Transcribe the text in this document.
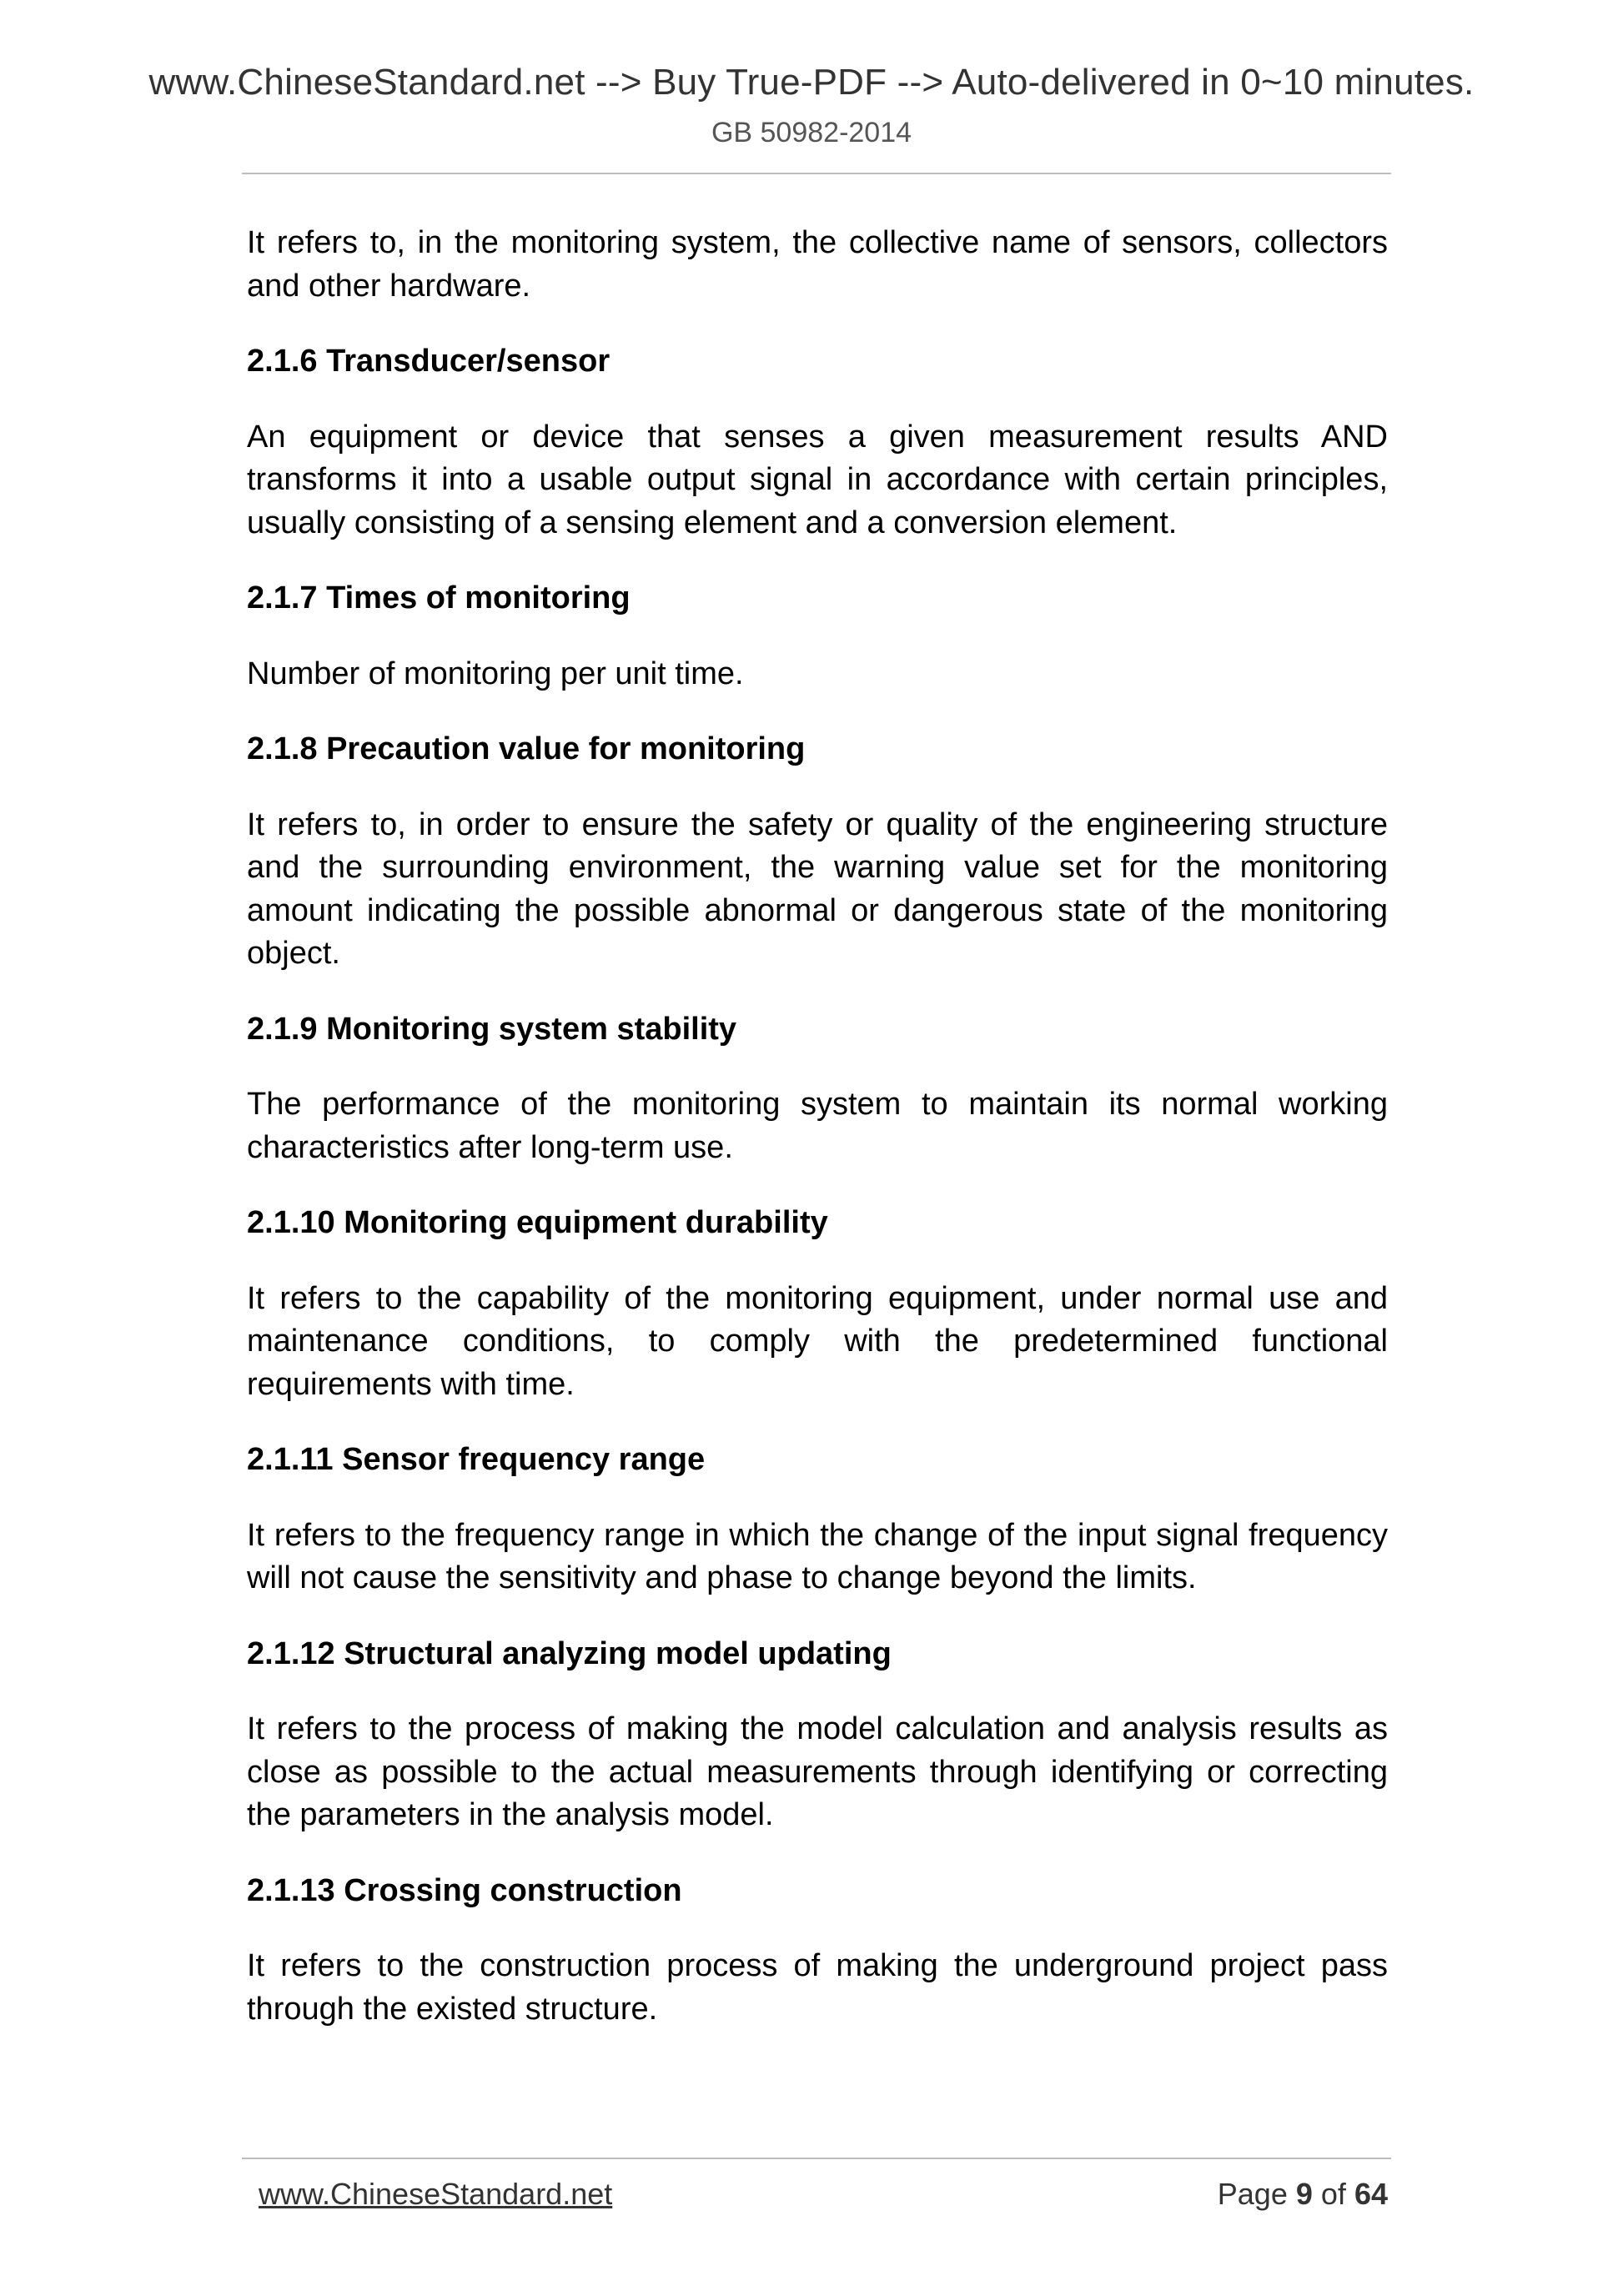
www.ChineseStandard.net --> Buy True-PDF --> Auto-delivered in 0~10 minutes.
GB 50982-2014

It refers to, in the monitoring system, the collective name of sensors, collectors and other hardware.

2.1.6 Transducer/sensor

An equipment or device that senses a given measurement results AND transforms it into a usable output signal in accordance with certain principles, usually consisting of a sensing element and a conversion element.

2.1.7 Times of monitoring

Number of monitoring per unit time.

2.1.8 Precaution value for monitoring

It refers to, in order to ensure the safety or quality of the engineering structure and the surrounding environment, the warning value set for the monitoring amount indicating the possible abnormal or dangerous state of the monitoring object.

2.1.9 Monitoring system stability

The performance of the monitoring system to maintain its normal working characteristics after long-term use.

2.1.10 Monitoring equipment durability

It refers to the capability of the monitoring equipment, under normal use and maintenance conditions, to comply with the predetermined functional requirements with time.

2.1.11 Sensor frequency range

It refers to the frequency range in which the change of the input signal frequency will not cause the sensitivity and phase to change beyond the limits.

2.1.12 Structural analyzing model updating

It refers to the process of making the model calculation and analysis results as close as possible to the actual measurements through identifying or correcting the parameters in the analysis model.

2.1.13 Crossing construction

It refers to the construction process of making the underground project pass through the existed structure.

www.ChineseStandard.net	Page 9 of 64
